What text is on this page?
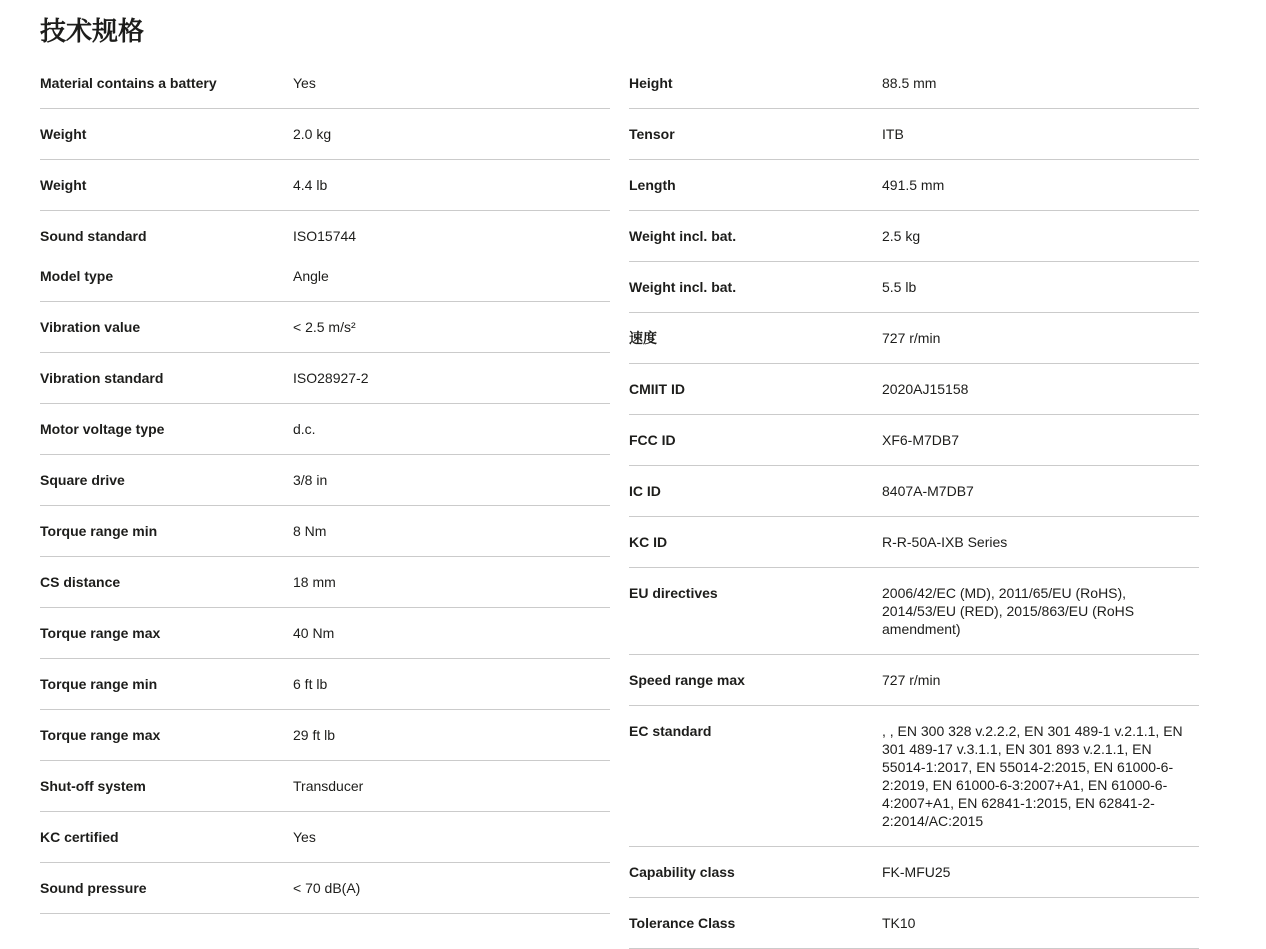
技术规格
Material contains a battery	Yes
Weight	2.0 kg
Weight	4.4 lb
Sound standard	ISO15744
Model type	Angle
Vibration value	< 2.5 m/s²
Vibration standard	ISO28927-2
Motor voltage type	d.c.
Square drive	3/8 in
Torque range min	8 Nm
CS distance	18 mm
Torque range max	40 Nm
Torque range min	6 ft lb
Torque range max	29 ft lb
Shut-off system	Transducer
KC certified	Yes
Sound pressure	< 70 dB(A)
Height	88.5 mm
Tensor	ITB
Length	491.5 mm
Weight incl. bat.	2.5 kg
Weight incl. bat.	5.5 lb
速度	727 r/min
CMIIT ID	2020AJ15158
FCC ID	XF6-M7DB7
IC ID	8407A-M7DB7
KC ID	R-R-50A-IXB Series
EU directives	2006/42/EC (MD), 2011/65/EU (RoHS), 2014/53/EU (RED), 2015/863/EU (RoHS amendment)
Speed range max	727 r/min
EC standard	, , EN 300 328 v.2.2.2, EN 301 489-1 v.2.1.1, EN 301 489-17 v.3.1.1, EN 301 893 v.2.1.1, EN 55014-1:2017, EN 55014-2:2015, EN 61000-6-2:2019, EN 61000-6-3:2007+A1, EN 61000-6-4:2007+A1, EN 62841-1:2015, EN 62841-2-2:2014/AC:2015
Capability class	FK-MFU25
Tolerance Class	TK10
